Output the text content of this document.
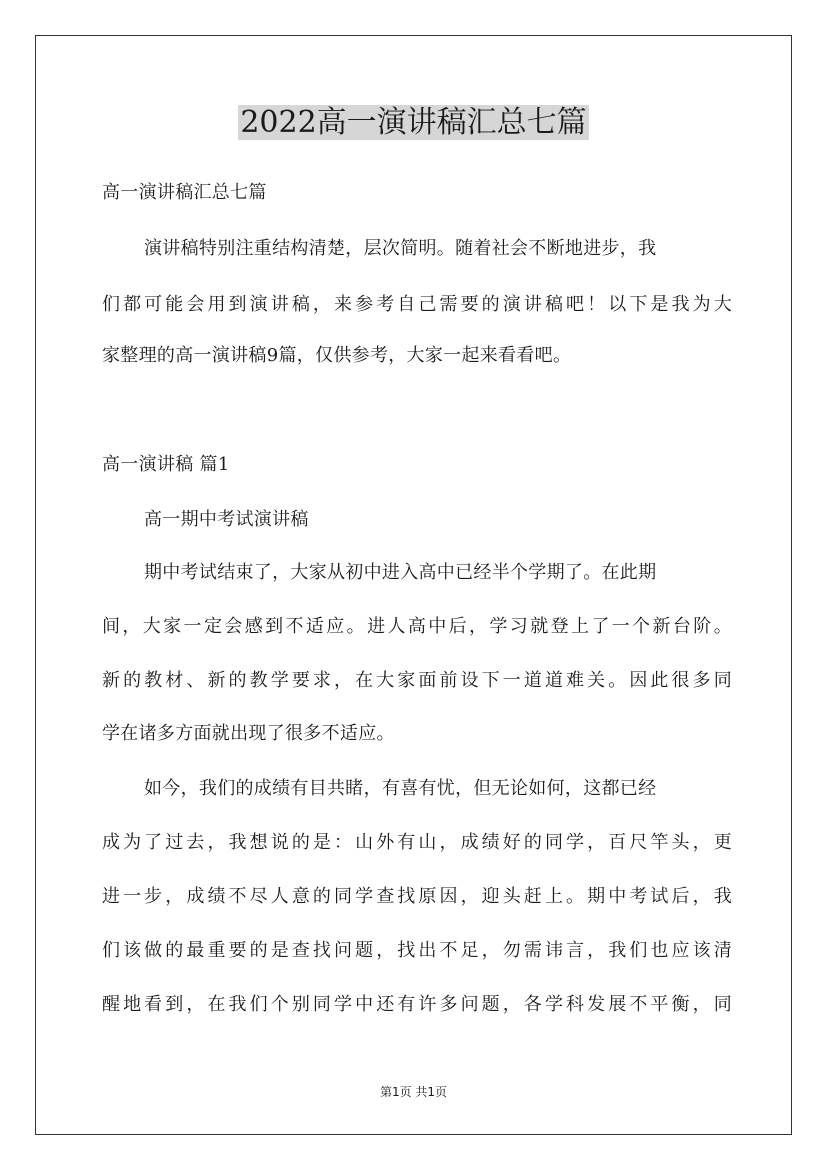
2022高一演讲稿汇总七篇
高一演讲稿汇总七篇
演讲稿特别注重结构清楚，层次简明。随着社会不断地进步，我
们都可能会用到演讲稿，来参考自己需要的演讲稿吧！以下是我为大
家整理的高一演讲稿9篇，仅供参考，大家一起来看看吧。
高一演讲稿 篇1
高一期中考试演讲稿
期中考试结束了，大家从初中进入高中已经半个学期了。在此期
间，大家一定会感到不适应。进人高中后，学习就登上了一个新台阶。
新的教材、新的教学要求，在大家面前设下一道道难关。因此很多同
学在诸多方面就出现了很多不适应。
如今，我们的成绩有目共睹，有喜有忧，但无论如何，这都已经
成为了过去，我想说的是：山外有山，成绩好的同学，百尺竿头，更
进一步，成绩不尽人意的同学查找原因，迎头赶上。期中考试后，我
们该做的最重要的是查找问题，找出不足，勿需讳言，我们也应该清
醒地看到，在我们个别同学中还有许多问题，各学科发展不平衡，同
第1页 共1页
